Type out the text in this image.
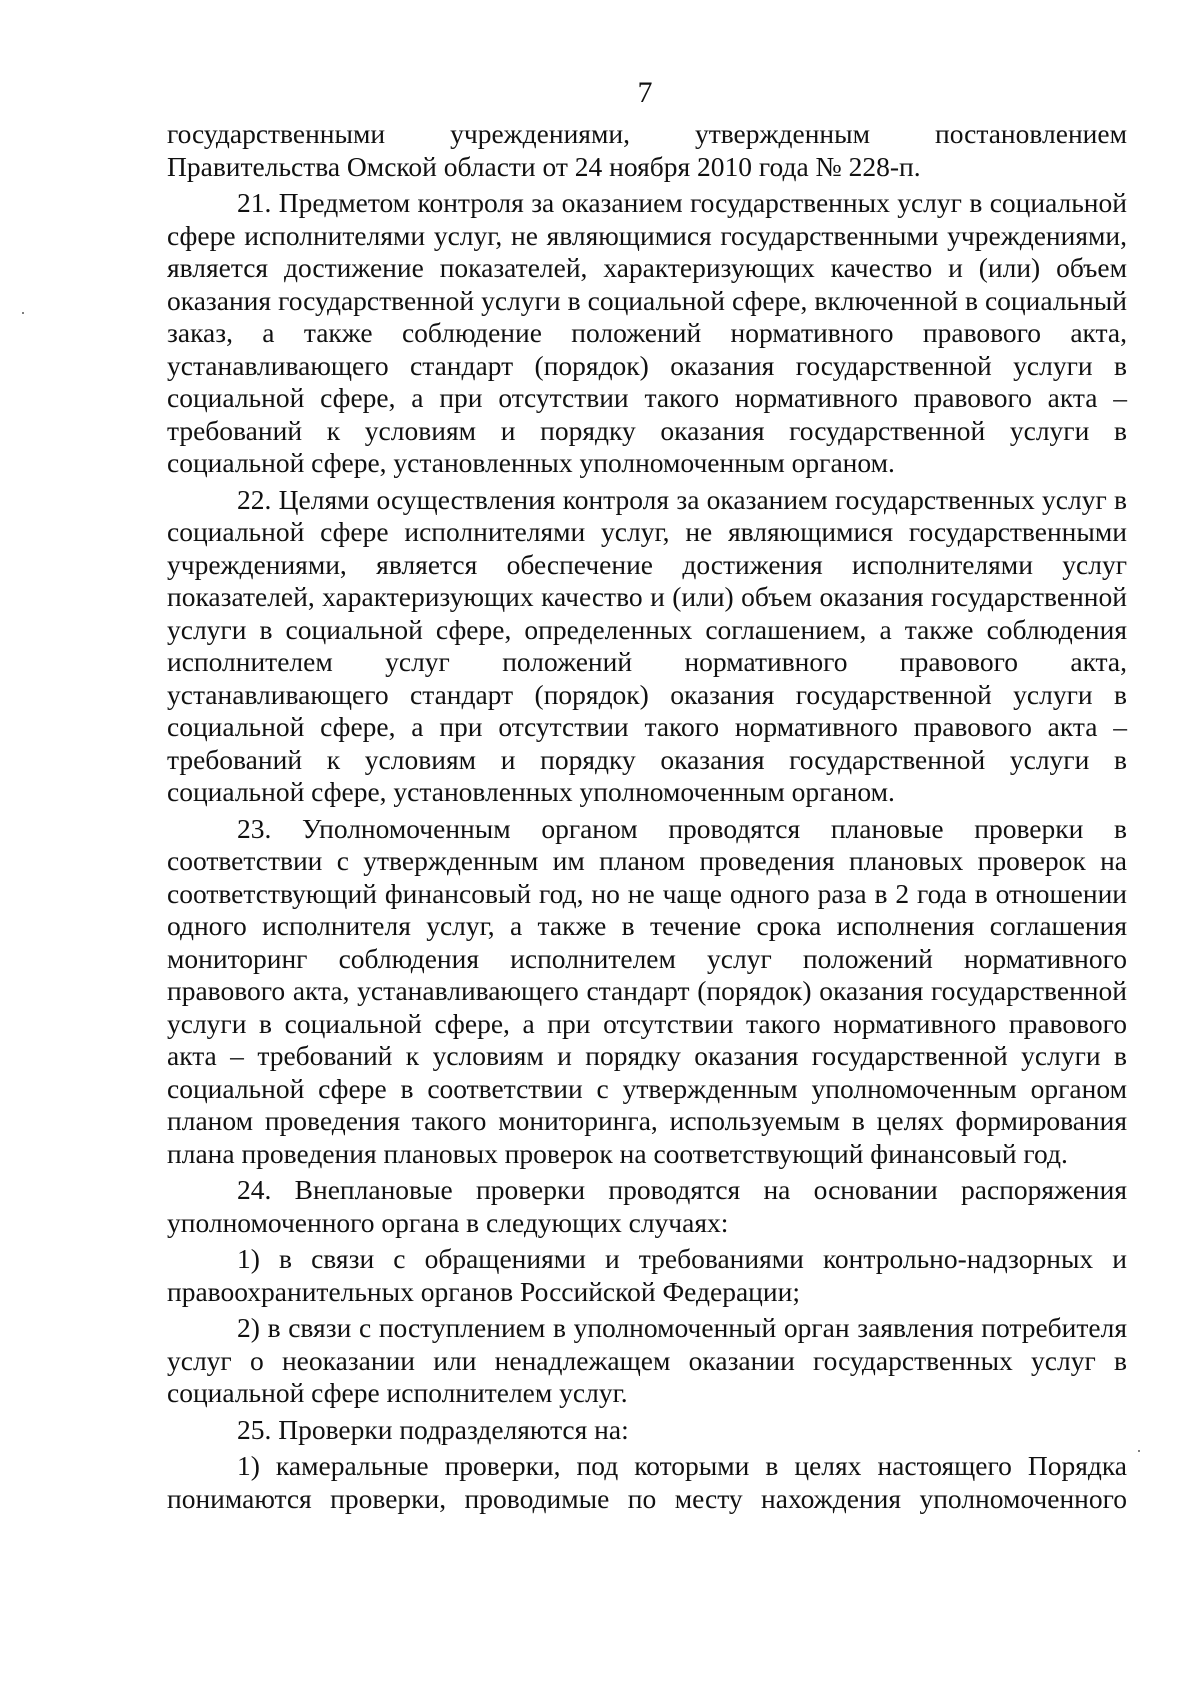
7

государственными учреждениями, утвержденным постановлением Правительства Омской области от 24 ноября 2010 года № 228-п.

21. Предметом контроля за оказанием государственных услуг в социальной сфере исполнителями услуг, не являющимися государственными учреждениями, является достижение показателей, характеризующих качество и (или) объем оказания государственной услуги в социальной сфере, включенной в социальный заказ, а также соблюдение положений нормативного правового акта, устанавливающего стандарт (порядок) оказания государственной услуги в социальной сфере, а при отсутствии такого нормативного правового акта – требований к условиям и порядку оказания государственной услуги в социальной сфере, установленных уполномоченным органом.

22. Целями осуществления контроля за оказанием государственных услуг в социальной сфере исполнителями услуг, не являющимися государственными учреждениями, является обеспечение достижения исполнителями услуг показателей, характеризующих качество и (или) объем оказания государственной услуги в социальной сфере, определенных соглашением, а также соблюдения исполнителем услуг положений нормативного правового акта, устанавливающего стандарт (порядок) оказания государственной услуги в социальной сфере, а при отсутствии такого нормативного правового акта – требований к условиям и порядку оказания государственной услуги в социальной сфере, установленных уполномоченным органом.

23. Уполномоченным органом проводятся плановые проверки в соответствии с утвержденным им планом проведения плановых проверок на соответствующий финансовый год, но не чаще одного раза в 2 года в отношении одного исполнителя услуг, а также в течение срока исполнения соглашения мониторинг соблюдения исполнителем услуг положений нормативного правового акта, устанавливающего стандарт (порядок) оказания государственной услуги в социальной сфере, а при отсутствии такого нормативного правового акта – требований к условиям и порядку оказания государственной услуги в социальной сфере в соответствии с утвержденным уполномоченным органом планом проведения такого мониторинга, используемым в целях формирования плана проведения плановых проверок на соответствующий финансовый год.

24. Внеплановые проверки проводятся на основании распоряжения уполномоченного органа в следующих случаях:

1) в связи с обращениями и требованиями контрольно-надзорных и правоохранительных органов Российской Федерации;

2) в связи с поступлением в уполномоченный орган заявления потребителя услуг о неоказании или ненадлежащем оказании государственных услуг в социальной сфере исполнителем услуг.

25. Проверки подразделяются на:

1) камеральные проверки, под которыми в целях настоящего Порядка понимаются проверки, проводимые по месту нахождения уполномоченного
